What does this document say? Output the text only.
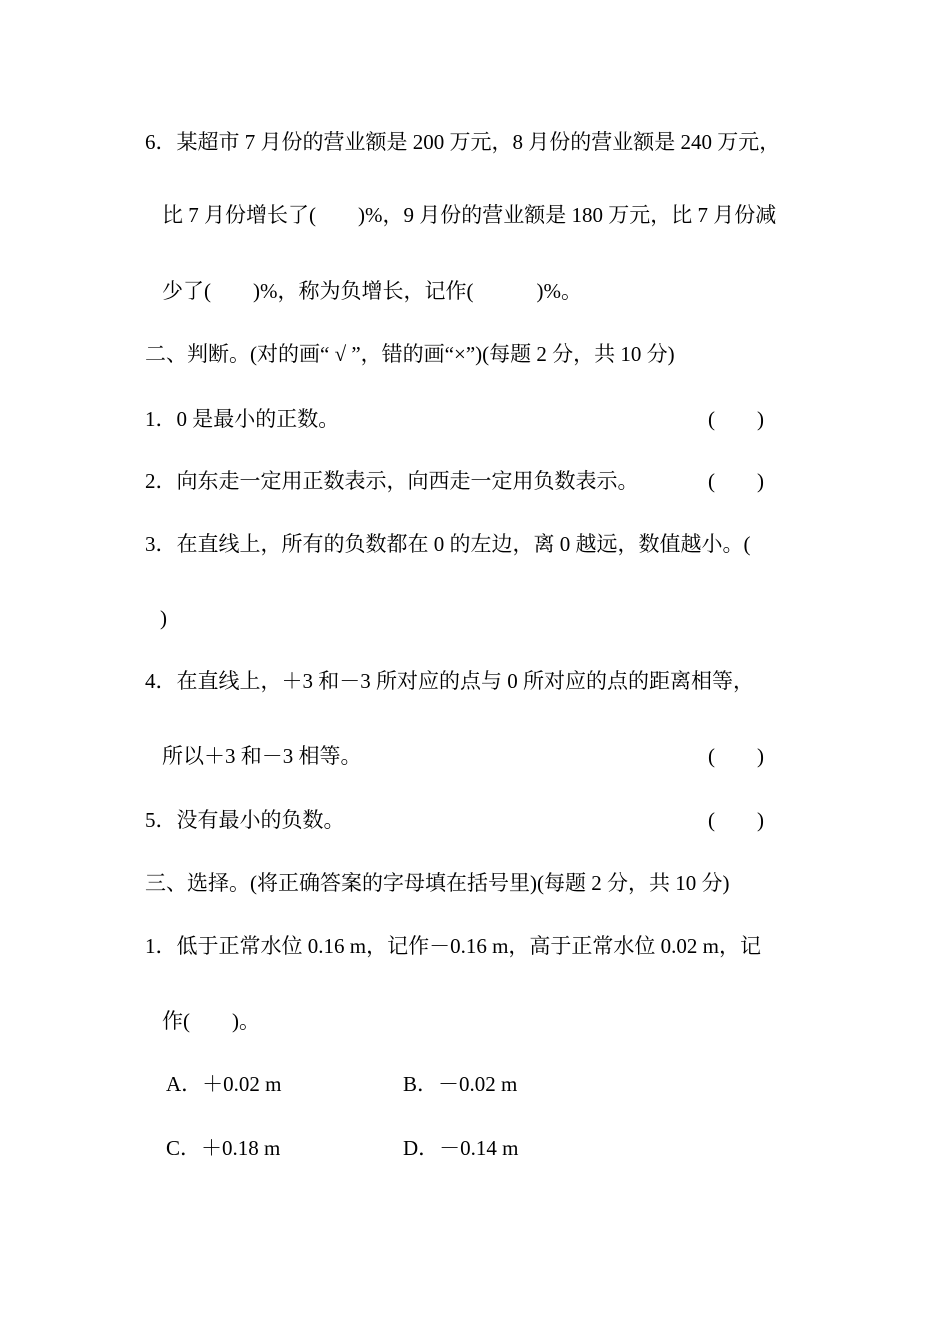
6．某超市 7 月份的营业额是 200 万元，8 月份的营业额是 240 万元，
比 7 月份增长了(　　)%，9 月份的营业额是 180 万元，比 7 月份减
少了(　　)%，称为负增长，记作(　　　)%。
二、判断。(对的画“ √ ”，错的画“×”)(每题 2 分，共 10 分)
1．0 是最小的正数。	(　　)
2．向东走一定用正数表示，向西走一定用负数表示。	(　　)
3．在直线上，所有的负数都在 0 的左边，离 0 越远，数值越小。(
)
4．在直线上，＋3 和－3 所对应的点与 0 所对应的点的距离相等，
所以＋3 和－3 相等。	(　　)
5．没有最小的负数。	(　　)
三、选择。(将正确答案的字母填在括号里)(每题 2 分，共 10 分)
1．低于正常水位 0.16 m，记作－0.16 m，高于正常水位 0.02 m，记
作(　　)。
A．＋0.02 m	B．－0.02 m
C．＋0.18 m	D．－0.14 m
